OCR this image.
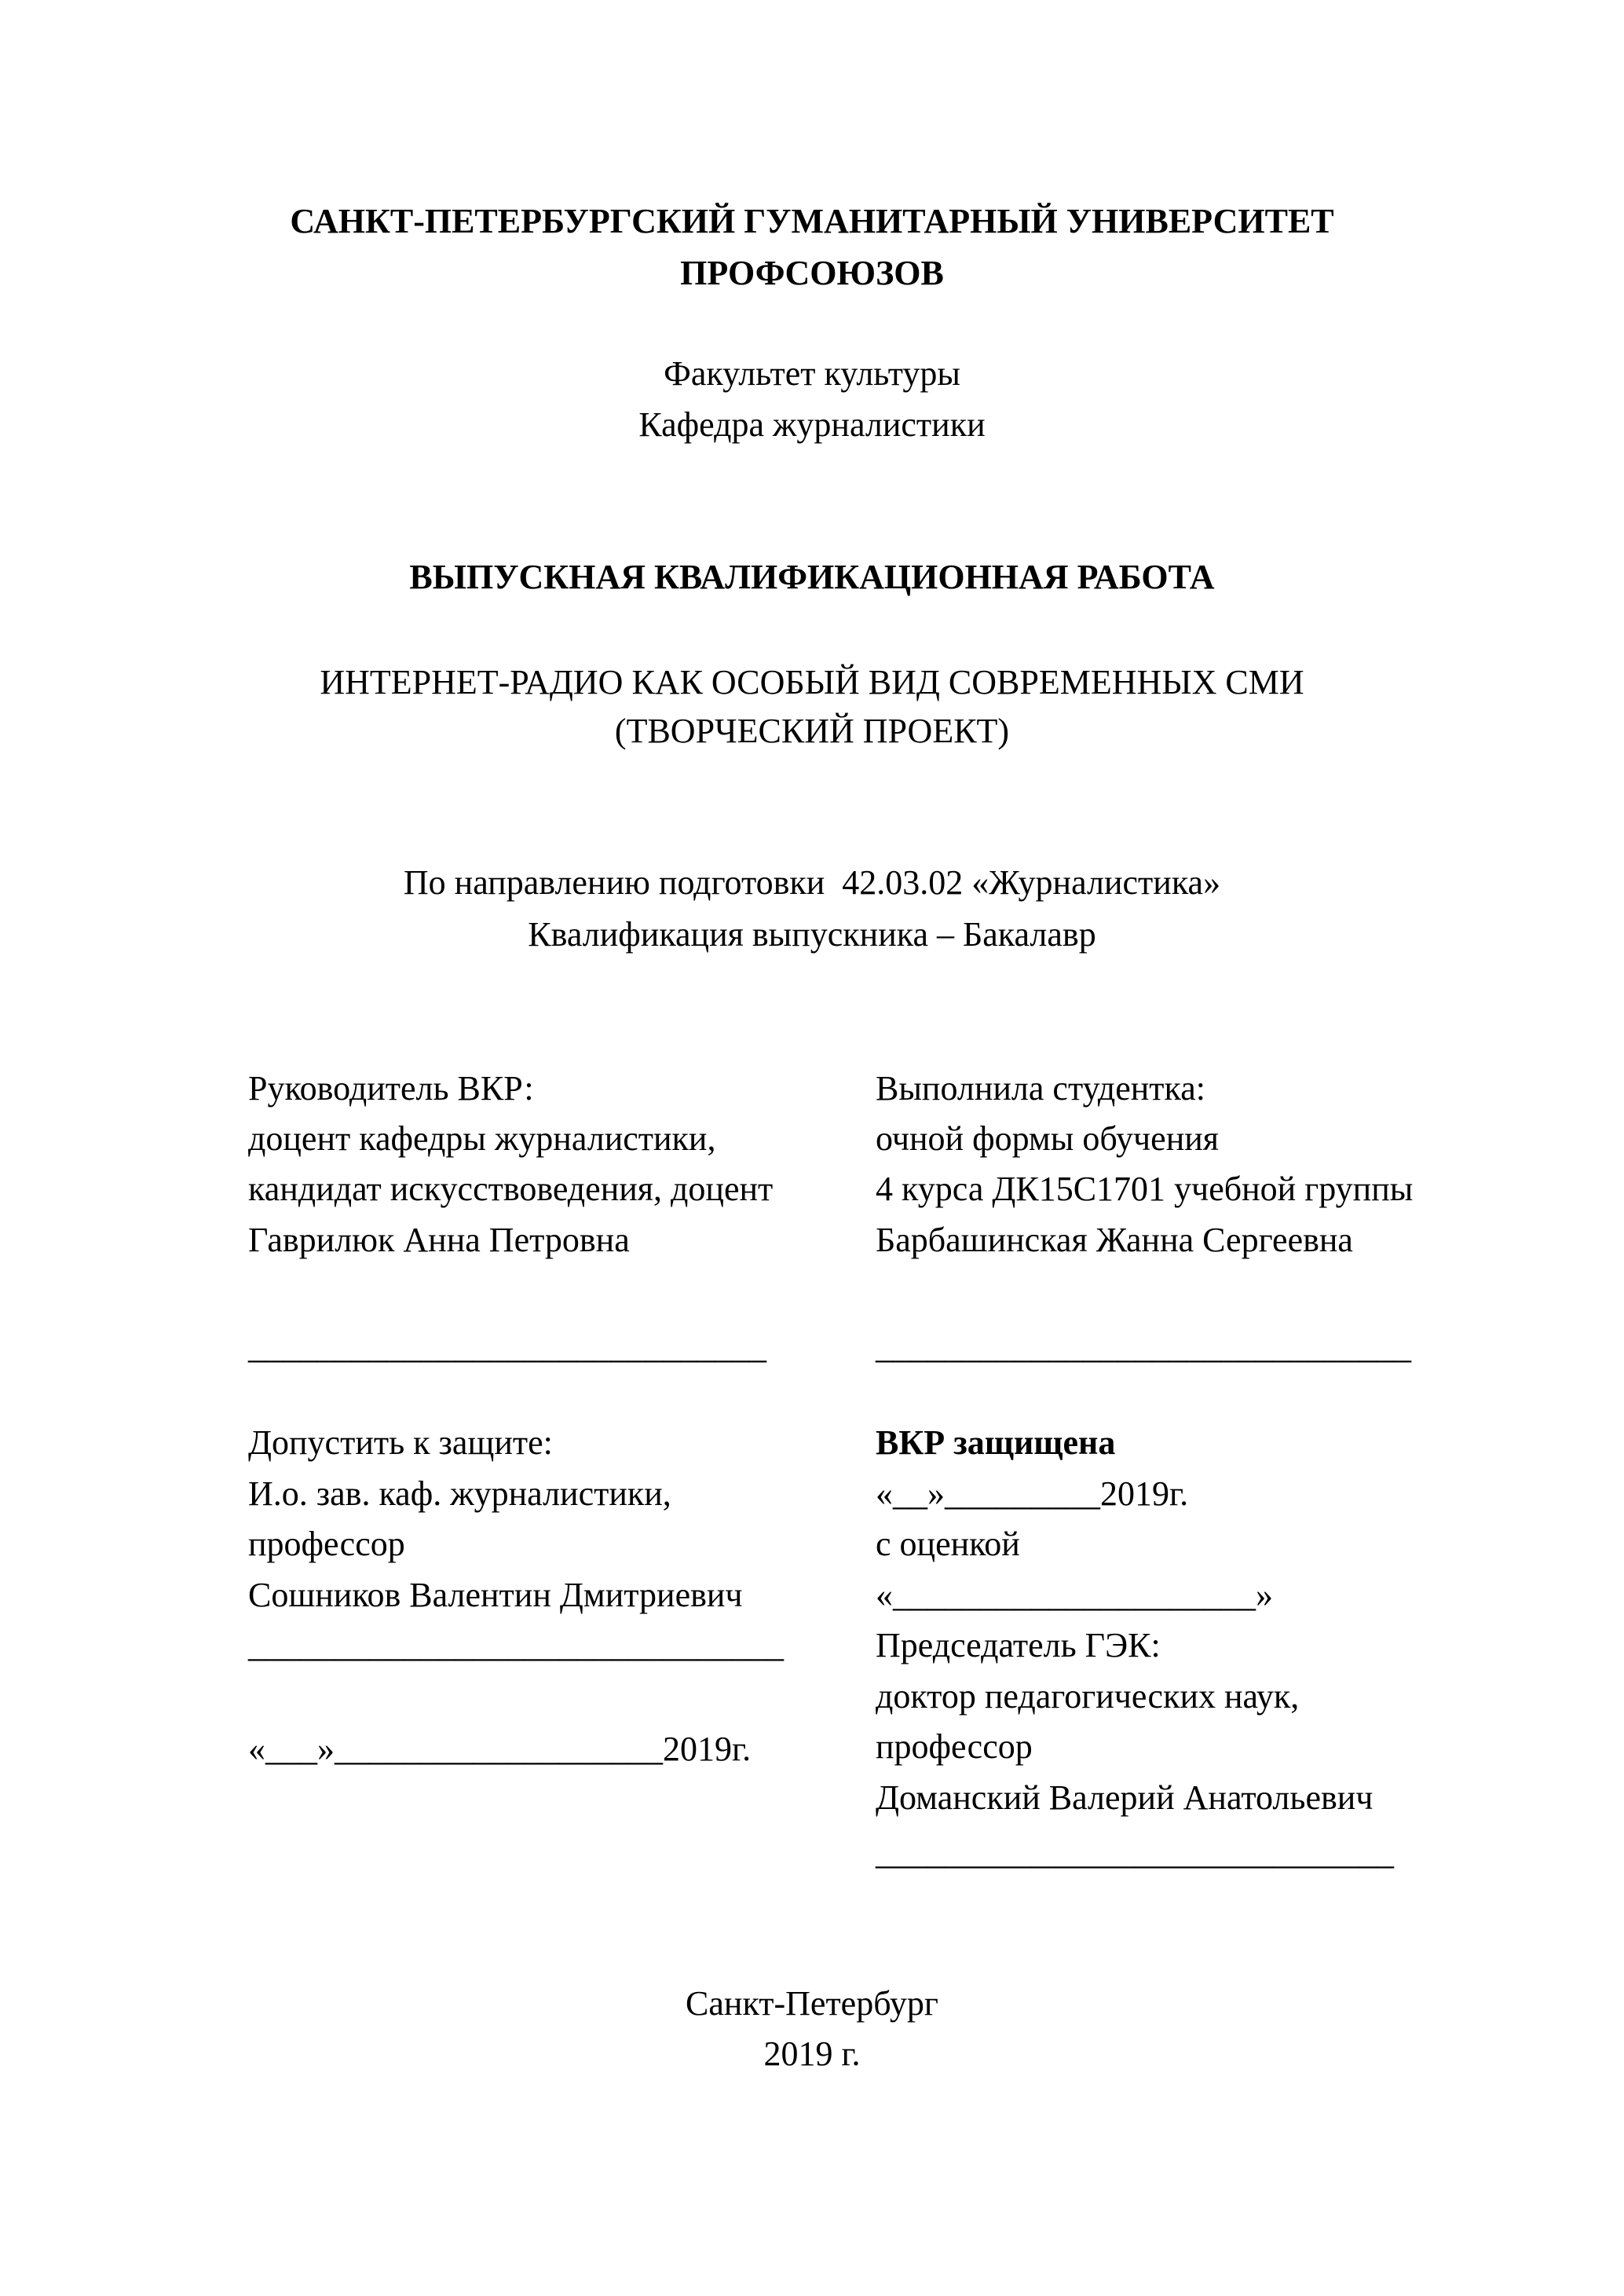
САНКТ-ПЕТЕРБУРГСКИЙ ГУМАНИТАРНЫЙ УНИВЕРСИТЕТ
ПРОФСОЮЗОВ
Факультет культуры
Кафедра журналистики
ВЫПУСКНАЯ КВАЛИФИКАЦИОННАЯ РАБОТА
ИНТЕРНЕТ-РАДИО КАК ОСОБЫЙ ВИД СОВРЕМЕННЫХ СМИ
(ТВОРЧЕСКИЙ ПРОЕКТ)
По направлению подготовки  42.03.02 «Журналистика»
Квалификация выпускника – Бакалавр
Руководитель ВКР:
доцент кафедры журналистики,
кандидат искусствоведения, доцент
Гаврилюк Анна Петровна
______________________________
Выполнила студентка:
очной формы обучения
4 курса ДК15С1701 учебной группы
Барбашинская Жанна Сергеевна
_______________________________
Допустить к защите:
И.о. зав. каф. журналистики,
профессор
Сошников Валентин Дмитриевич
_______________________________
«___»___________________2019г.
ВКР защищена
«__»_________2019г.
с оценкой
«_____________________»
Председатель ГЭК:
доктор педагогических наук,
профессор
Доманский Валерий Анатольевич
______________________________
Санкт-Петербург
2019 г.
